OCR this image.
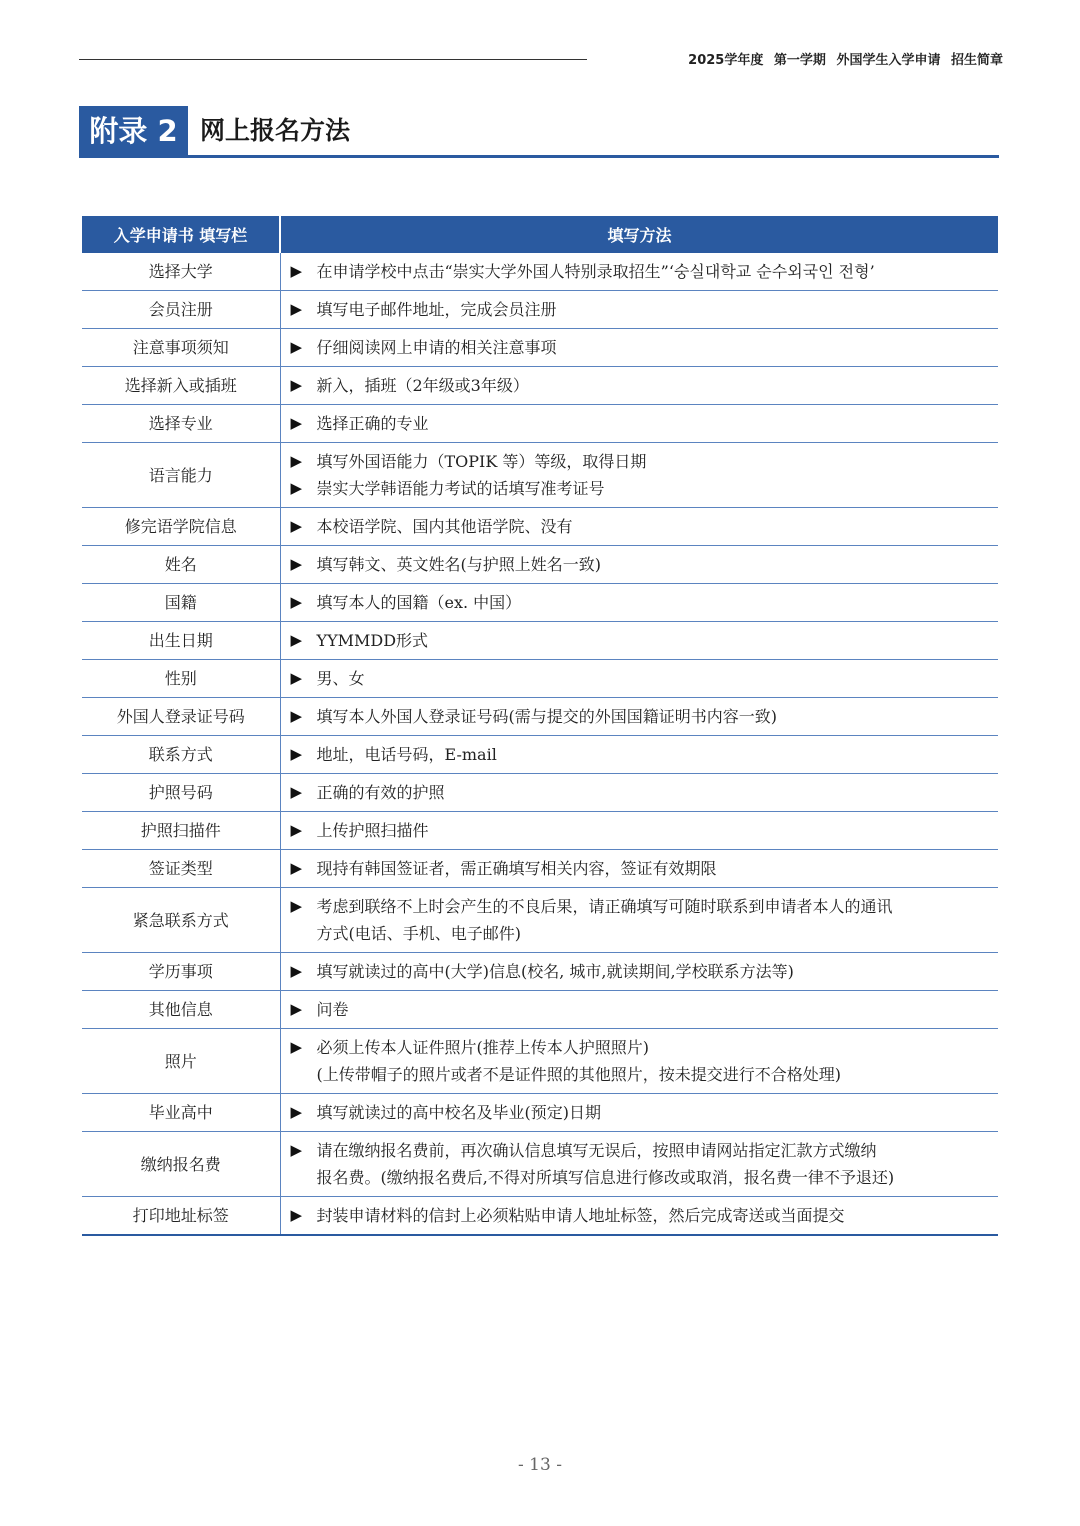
2025学年度 第一学期 外国学生入学申请 招生简章
附录 2 网上报名方法
入学申请书 填写栏	填写方法
选择大学	▶ 在申请学校中点击“崇实大学外国人特别录取招生”‘숭실대학교 순수외국인 전형’

会员注册	▶ 填写电子邮件地址，完成会员注册

注意事项须知	▶ 仔细阅读网上申请的相关注意事项

选择新入或插班	▶ 新入，插班（2年级或3年级）

选择专业	▶ 选择正确的专业

语言能力	▶ 填写外国语能力（TOPIK 等）等级，取得日期
▶ 崇实大学韩语能力考试的话填写准考证号

修完语学院信息	▶ 本校语学院、国内其他语学院、没有

姓名	▶ 填写韩文、英文姓名(与护照上姓名一致)

国籍	▶ 填写本人的国籍（ex. 中国）

出生日期	▶ YYMMDD形式

性别	▶ 男、女

外国人登录证号码	▶ 填写本人外国人登录证号码(需与提交的外国国籍证明书内容一致)

联系方式	▶ 地址，电话号码，E-mail

护照号码	▶ 正确的有效的护照

护照扫描件	▶ 上传护照扫描件

签证类型	▶ 现持有韩国签证者，需正确填写相关内容，签证有效期限

紧急联系方式	▶ 考虑到联络不上时会产生的不良后果，请正确填写可随时联系到申请者本人的通讯
方式(电话、手机、电子邮件)

学历事项	▶ 填写就读过的高中(大学)信息(校名, 城市,就读期间,学校联系方法等)

其他信息	▶ 问卷

照片	▶ 必须上传本人证件照片(推荐上传本人护照照片)
(上传带帽子的照片或者不是证件照的其他照片，按未提交进行不合格处理)

毕业高中	▶ 填写就读过的高中校名及毕业(预定)日期

缴纳报名费	▶ 请在缴纳报名费前，再次确认信息填写无误后，按照申请网站指定汇款方式缴纳
报名费。(缴纳报名费后,不得对所填写信息进行修改或取消，报名费一律不予退还)

打印地址标签	▶ 封装申请材料的信封上必须粘贴申请人地址标签，然后完成寄送或当面提交
- 13 -
